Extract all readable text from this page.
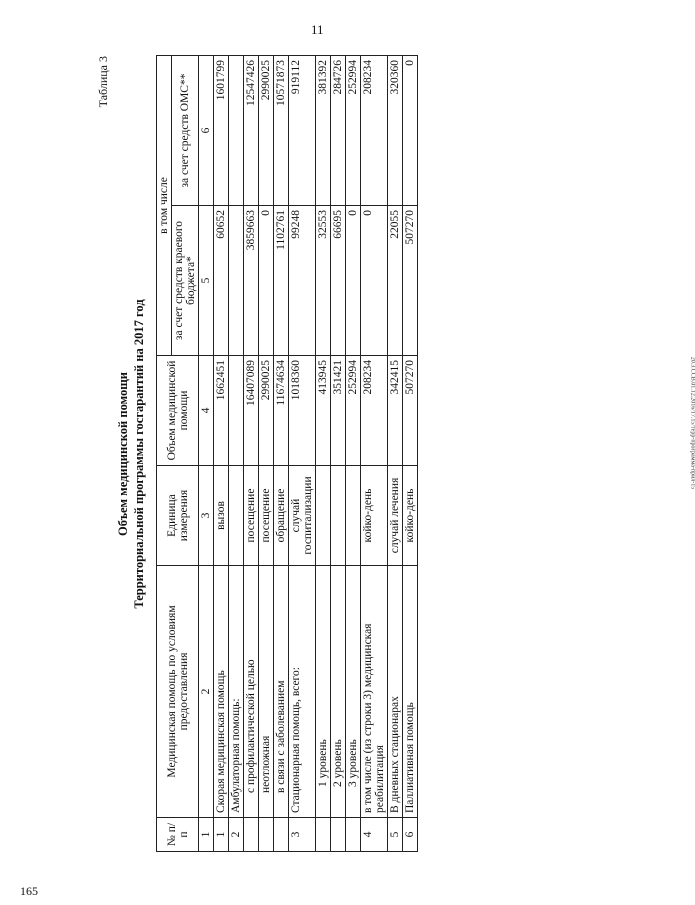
11
20.3.ССВ.01.12.2016/17.15/терр-программа-прил-15
165
Таблица 3
Объем медицинской помощи Территориальной программы госгарантий на 2017 год
№ п/п	Медицинская помощь по условиям предоставления	Единица измерения	Объем медицинской помощи	в том числе	
				за счет средств краевого бюджета*	за счет средств ОМС**
1	2	3	4	5	6
1	Скорая медицинская помощь	вызов	1662451	60652	1601799
2	Амбулаторная помощь:				
	с профилактической целью	посещение	16407089	3859663	12547426
	неотложная	посещение	2990025	0	2990025
	в связи с заболеванием	обращение	11674634	1102761	10571873
3	Стационарная помощь, всего:	случай госпитализации	1018360	99248	919112
	1 уровень		413945	32553	381392
	2 уровень		351421	66695	284726
	3 уровень		252994	0	252994
4	в том числе (из строки 3) медицинская реабилитация	койко-день	208234	0	208234
5	В дневных стационарах	случай лечения	342415	22055	320360
6	Паллиативная помощь	койко-день	507270	507270	0
